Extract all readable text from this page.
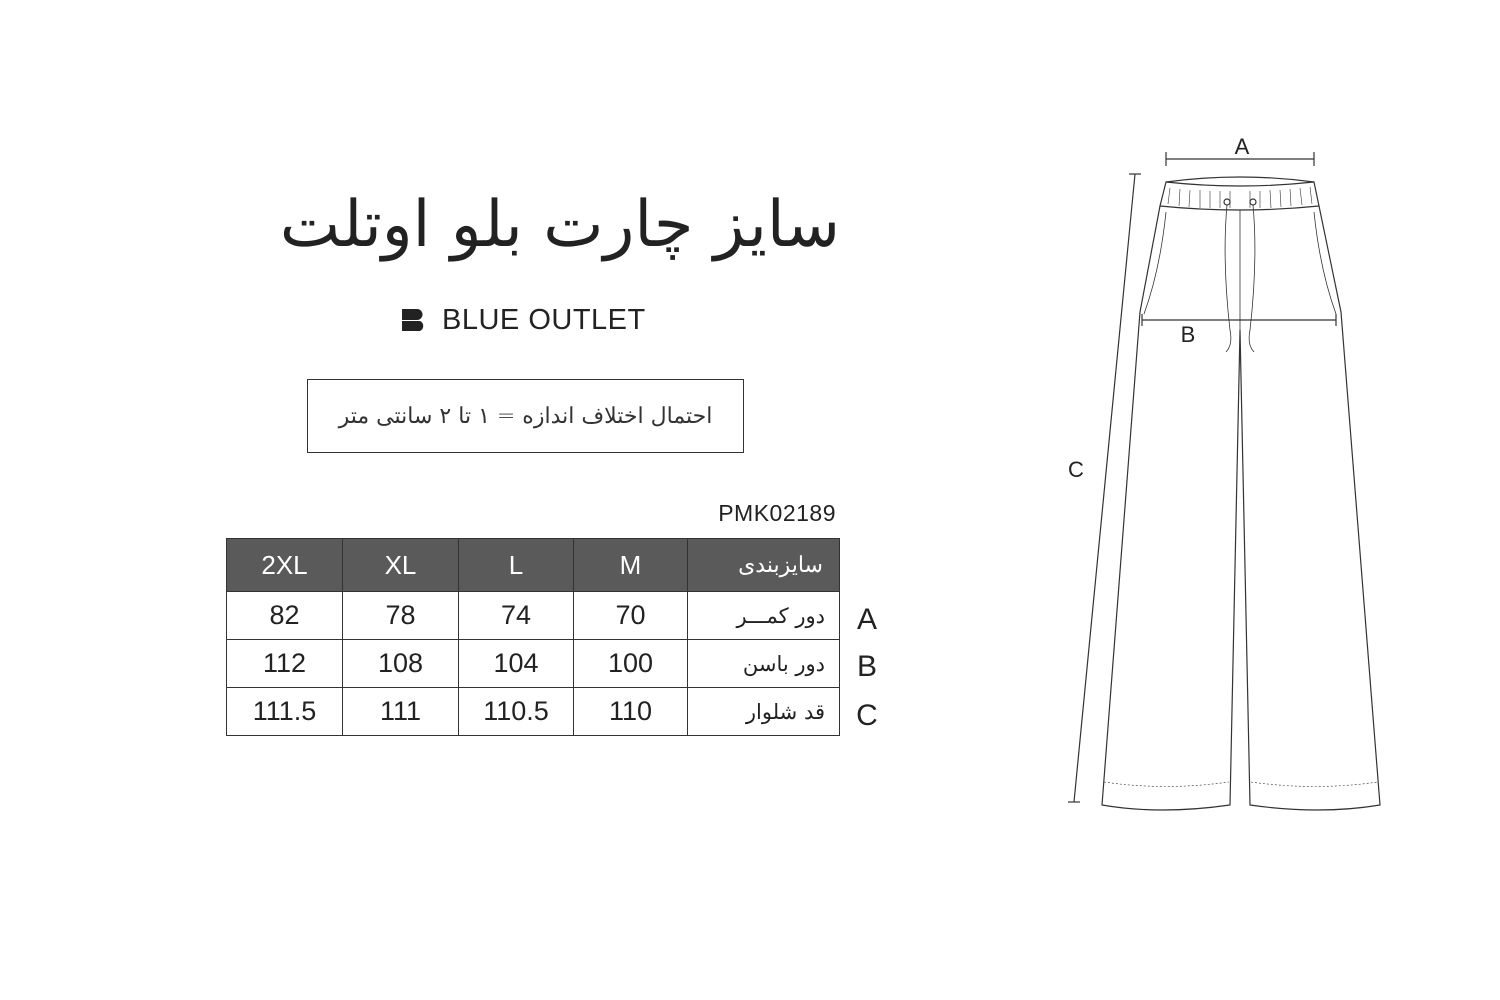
سایز چارت بلو اوتلت
BLUE OUTLET
احتمال اختلاف اندازه = ۱ تا ۲ سانتی متر
PMK02189
2XL	XL	L	M	سایزبندی
82	78	74	70	دور کمـــر
112	108	104	100	دور باسن
111.5	111	110.5	110	قد شلوار
A
B
C
A
B
C
